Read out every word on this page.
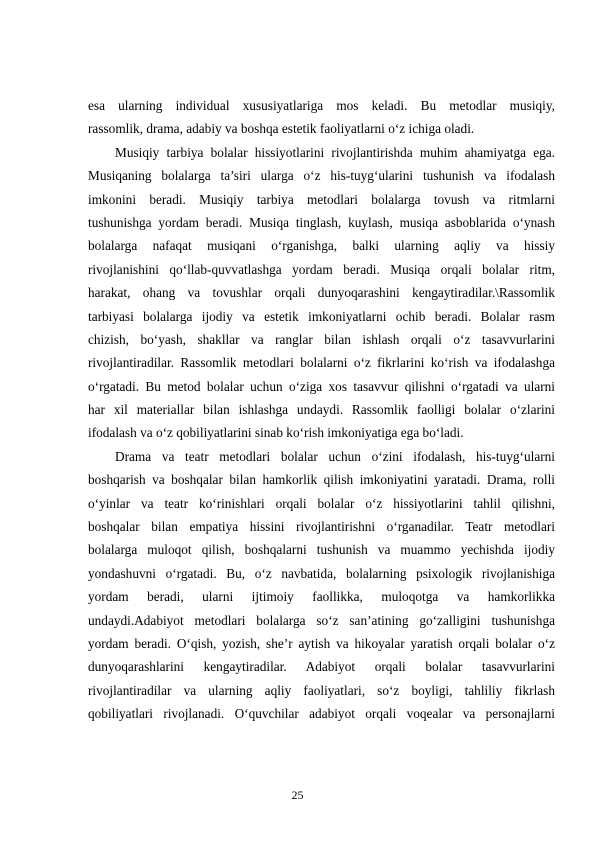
esa ularning individual xususiyatlariga mos keladi. Bu metodlar musiqiy,
rassomlik, drama, adabiy va boshqa estetik faoliyatlarni o‘z ichiga oladi.
Musiqiy tarbiya bolalar hissiyotlarini rivojlantirishda muhim ahamiyatga ega.
Musiqaning bolalarga ta’siri ularga o‘z his-tuyg‘ularini tushunish va ifodalash
imkonini beradi. Musiqiy tarbiya metodlari bolalarga tovush va ritmlarni
tushunishga yordam beradi. Musiqa tinglash, kuylash, musiqa asboblarida o‘ynash
bolalarga nafaqat musiqani o‘rganishga, balki ularning aqliy va hissiy
rivojlanishini qo‘llab-quvvatlashga yordam beradi. Musiqa orqali bolalar ritm,
harakat, ohang va tovushlar orqali dunyoqarashini kengaytiradilar.\Rassomlik
tarbiyasi bolalarga ijodiy va estetik imkoniyatlarni ochib beradi. Bolalar rasm
chizish, bo‘yash, shakllar va ranglar bilan ishlash orqali o‘z tasavvurlarini
rivojlantiradilar. Rassomlik metodlari bolalarni o‘z fikrlarini ko‘rish va ifodalashga
o‘rgatadi. Bu metod bolalar uchun o‘ziga xos tasavvur qilishni o‘rgatadi va ularni
har xil materiallar bilan ishlashga undaydi. Rassomlik faolligi bolalar o‘zlarini
ifodalash va o‘z qobiliyatlarini sinab ko‘rish imkoniyatiga ega bo‘ladi.
Drama va teatr metodlari bolalar uchun o‘zini ifodalash, his-tuyg‘ularni
boshqarish va boshqalar bilan hamkorlik qilish imkoniyatini yaratadi. Drama, rolli
o‘yinlar va teatr ko‘rinishlari orqali bolalar o‘z hissiyotlarini tahlil qilishni,
boshqalar bilan empatiya hissini rivojlantirishni o‘rganadilar. Teatr metodlari
bolalarga muloqot qilish, boshqalarni tushunish va muammo yechishda ijodiy
yondashuvni o‘rgatadi. Bu, o‘z navbatida, bolalarning psixologik rivojlanishiga
yordam beradi, ularni ijtimoiy faollikka, muloqotga va hamkorlikka
undaydi.Adabiyot metodlari bolalarga so‘z san’atining go‘zalligini tushunishga
yordam beradi. O‘qish, yozish, she’r aytish va hikoyalar yaratish orqali bolalar o‘z
dunyoqarashlarini kengaytiradilar. Adabiyot orqali bolalar tasavvurlarini
rivojlantiradilar va ularning aqliy faoliyatlari, so‘z boyligi, tahliliy fikrlash
qobiliyatlari rivojlanadi. O‘quvchilar adabiyot orqali voqealar va personajlarni
25
